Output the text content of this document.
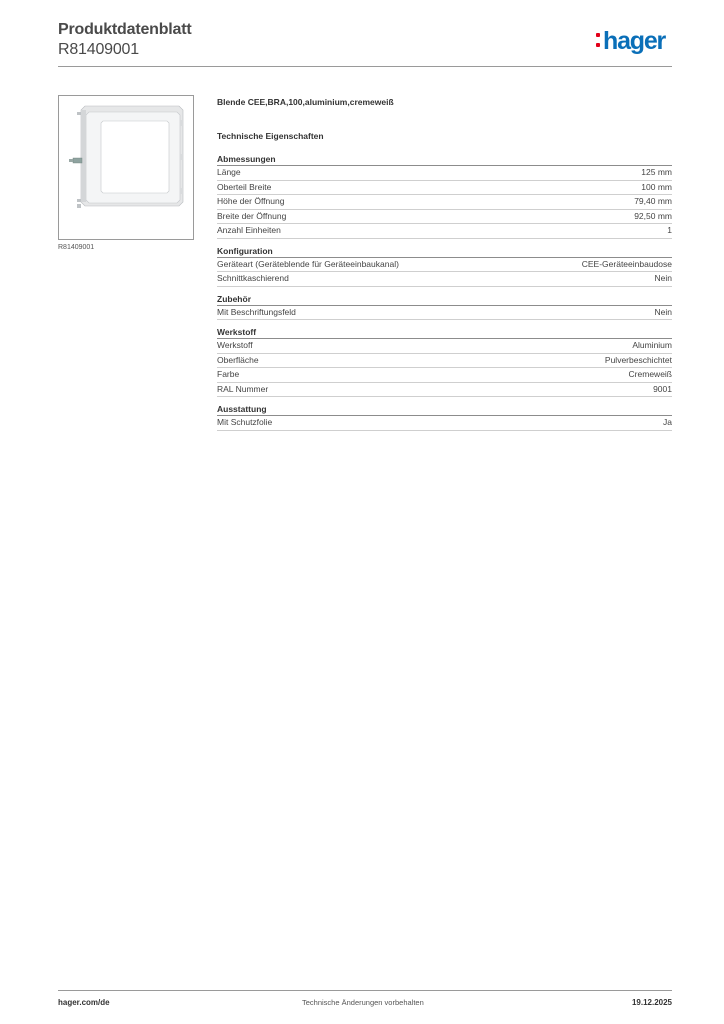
Produktdatenblatt
R81409001	hager
R81409001
Blende CEE,BRA,100,aluminium,cremeweiß
Technische Eigenschaften
Abmessungen
Länge	125 mm
Oberteil Breite	100 mm
Höhe der Öffnung	79,40 mm
Breite der Öffnung	92,50 mm
Anzahl Einheiten	1
Konfiguration
Geräteart (Geräteblende für Geräteeinbaukanal)	CEE-Geräteeinbaudose
Schnittkaschierend	Nein
Zubehör
Mit Beschriftungsfeld	Nein
Werkstoff
Werkstoff	Aluminium
Oberfläche	Pulverbeschichtet
Farbe	Cremeweiß
RAL Nummer	9001
Ausstattung
Mit Schutzfolie	Ja
hager.com/de	Technische Änderungen vorbehalten	19.12.2025
